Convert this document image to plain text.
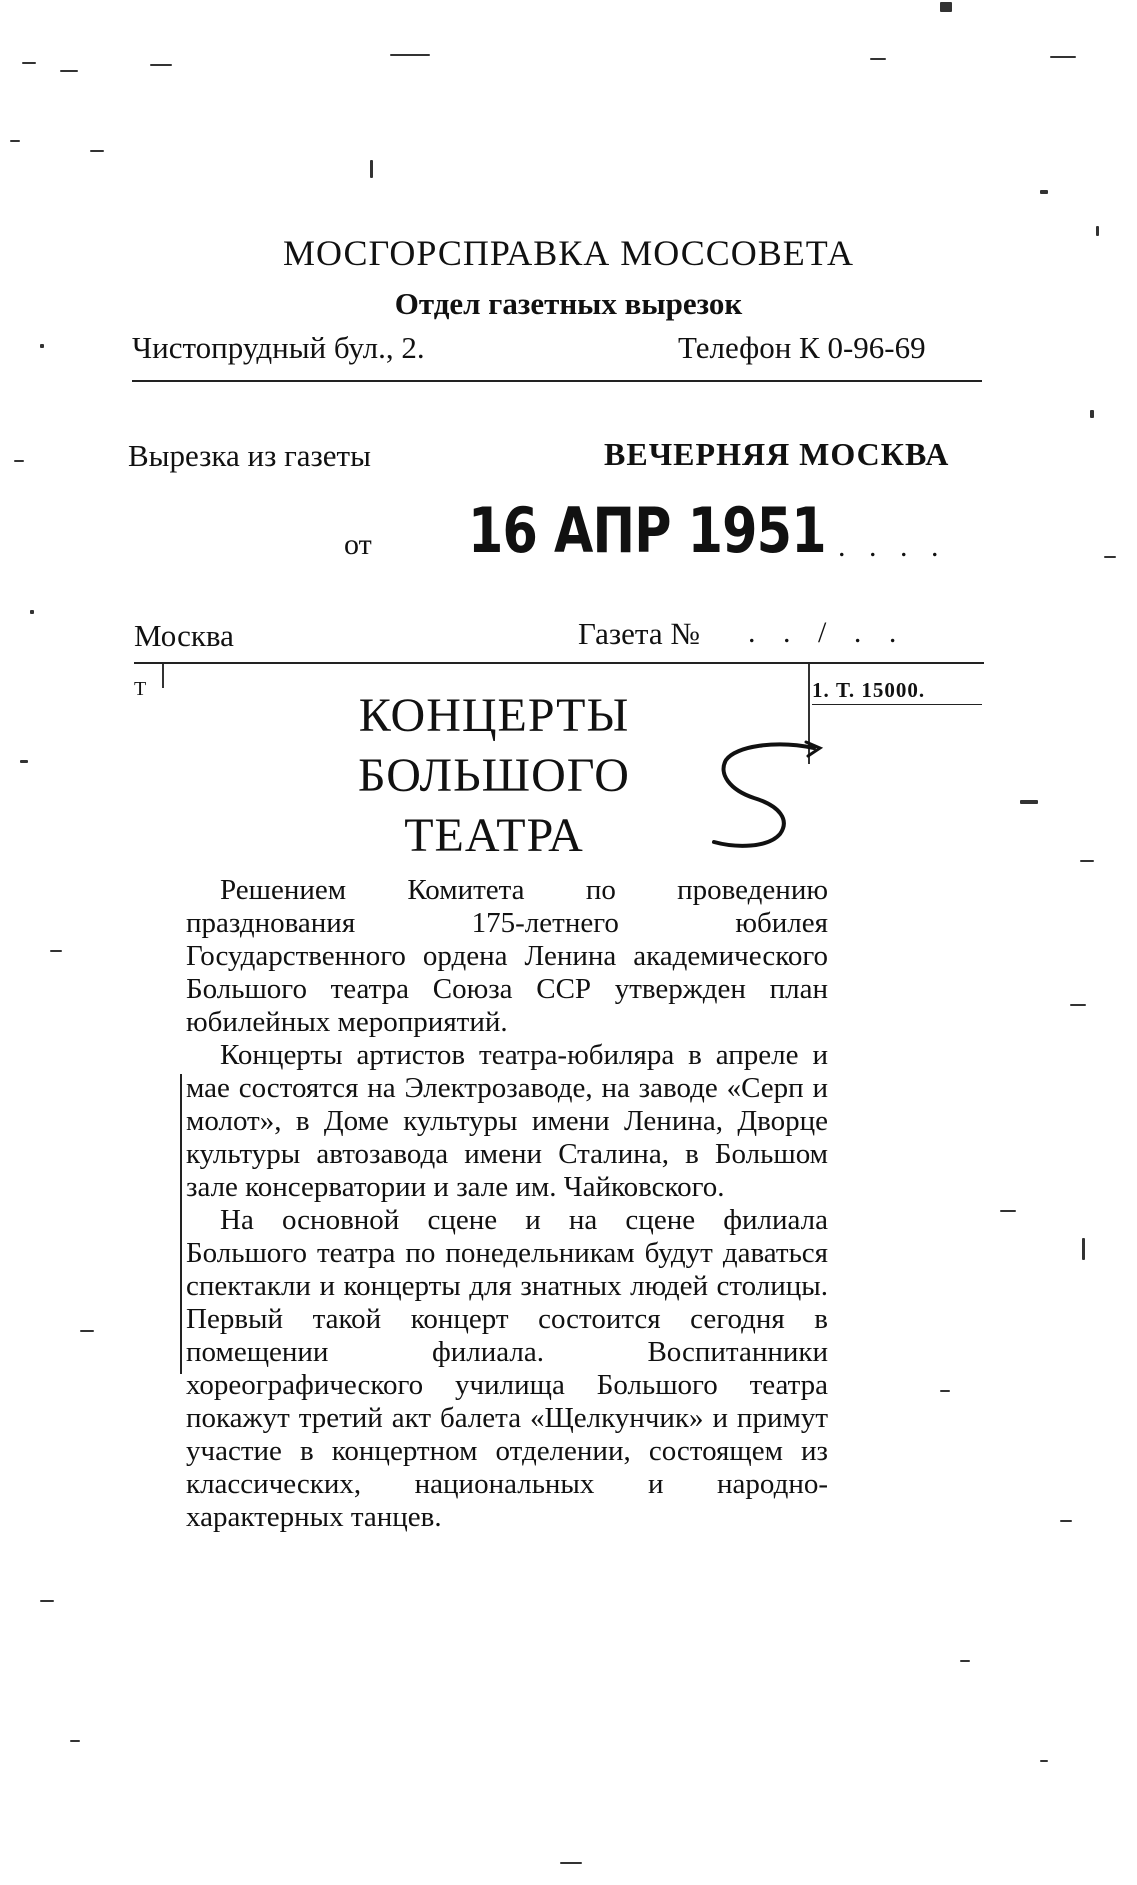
МОСГОРСПРАВКА МОССОВЕТА
Отдел газетных вырезок
Чистопрудный бул., 2.	Телефон К 0-96-69
Вырезка из газеты	ВЕЧЕРНЯЯ МОСКВА
от 16 АПР 1951 . . . .
Москва	Газета № . . / . .
Т	1. Т. 15000.
КОНЦЕРТЫ
БОЛЬШОГО
ТЕАТРА

Решением Комитета по проведению празднования 175-летнего юбилея Государственного ордена Ленина академического Большого театра Союза ССР утвержден план юбилейных мероприятий.

Концерты артистов театра-юбиляра в апреле и мае состоятся на Электрозаводе, на заводе «Серп и молот», в Доме культуры имени Ленина, Дворце культуры автозавода имени Сталина, в Большом зале консерватории и зале им. Чайковского.

На основной сцене и на сцене филиала Большого театра по понедельникам будут даваться спектакли и концерты для знатных людей столицы. Первый такой концерт состоится сегодня в помещении филиала. Воспитанники хореографического училища Большого театра покажут третий акт балета «Щелкунчик» и примут участие в концертном отделении, состоящем из классических, национальных и народно-характерных танцев.
